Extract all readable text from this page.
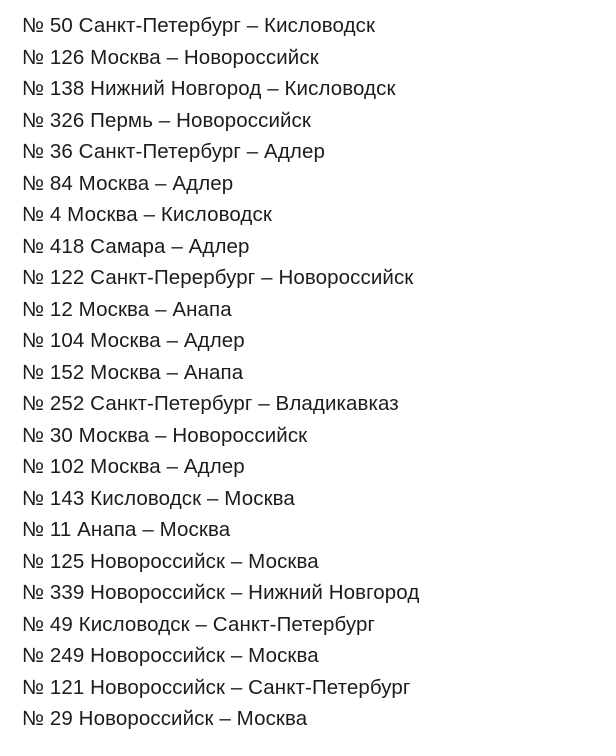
№ 50 Санкт-Петербург – Кисловодск
№ 126 Москва – Новороссийск
№ 138 Нижний Новгород – Кисловодск
№ 326 Пермь – Новороссийск
№ 36 Санкт-Петербург – Адлер
№ 84 Москва – Адлер
№ 4 Москва – Кисловодск
№ 418 Самара – Адлер
№ 122 Санкт-Перербург – Новороссийск
№ 12 Москва – Анапа
№ 104 Москва – Адлер
№ 152 Москва – Анапа
№ 252 Санкт-Петербург – Владикавказ
№ 30 Москва – Новороссийск
№ 102 Москва – Адлер
№ 143 Кисловодск – Москва
№ 11 Анапа – Москва
№ 125 Новороссийск – Москва
№ 339 Новороссийск – Нижний Новгород
№ 49 Кисловодск – Санкт-Петербург
№ 249 Новороссийск – Москва
№ 121 Новороссийск – Санкт-Петербург
№ 29 Новороссийск – Москва
